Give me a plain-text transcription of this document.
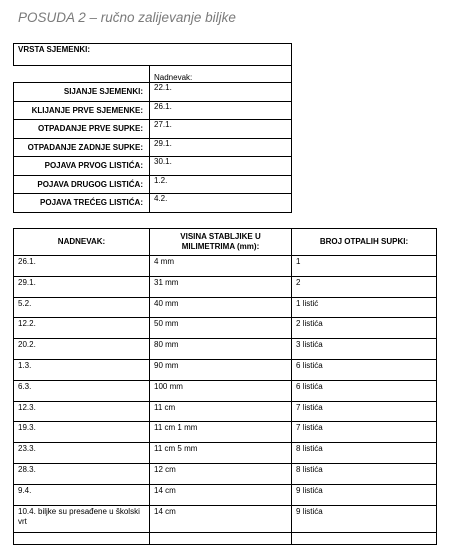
POSUDA 2 – ručno zalijevanje biljke
VRSTA SJEMENKI:	
	Nadnevak:
SIJANJE SJEMENKI:	22.1.
KLIJANJE PRVE SJEMENKE:	26.1.
OTPADANJE PRVE SUPKE:	27.1.
OTPADANJE ZADNJE SUPKE:	29.1.
POJAVA PRVOG LISTIĆA:	30.1.
POJAVA DRUGOG LISTIĆA:	1.2.
POJAVA TREĆEG LISTIĆA:	4.2.
NADNEVAK:	VISINA STABLJIKE U MILIMETRIMA (mm):	BROJ OTPALIH SUPKI:
26.1.	4 mm	1
29.1.	31 mm	2
5.2.	40 mm	1 listić
12.2.	50 mm	2 listića
20.2.	80 mm	3 listića
1.3.	90 mm	6 listića
6.3.	100 mm	6 listića
12.3.	11 cm	7 listića
19.3.	11 cm 1 mm	7 listića
23.3.	11 cm 5 mm	8 listića
28.3.	12 cm	8 listića
9.4.	14 cm	9 listića
10.4. bilјke su presađene u školski vrt	14 cm	9 listića
